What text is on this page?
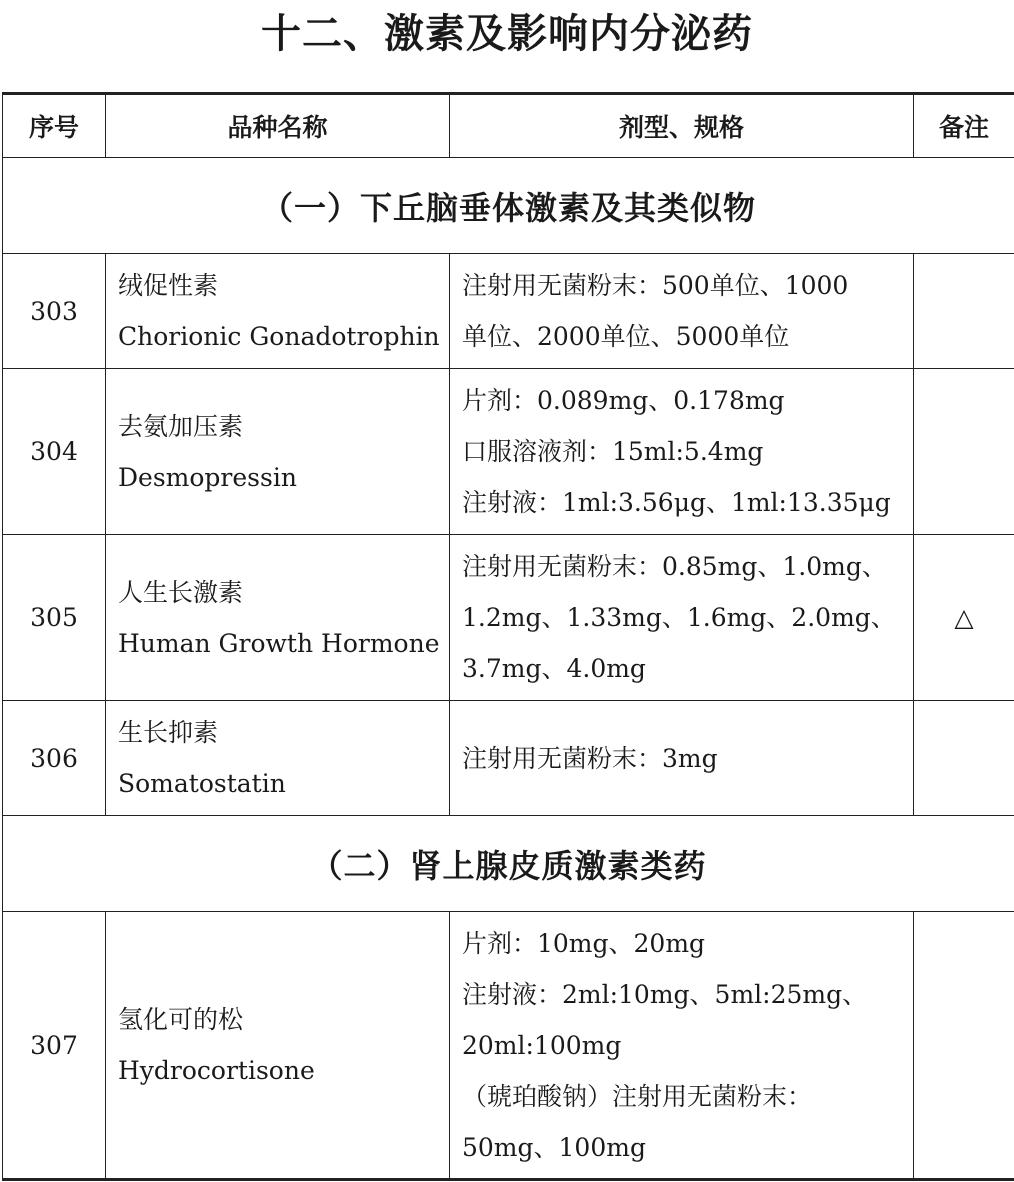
十二、激素及影响内分泌药
序号	品种名称	剂型、规格	备注
（一）下丘脑垂体激素及其类似物			
303	绒促性素
Chorionic Gonadotrophin	注射用无菌粉末：500单位、1000
单位、2000单位、5000单位	

304	去氨加压素
Desmopressin	片剂：0.089mg、0.178mg
口服溶液剂：15ml:5.4mg
注射液：1ml:3.56μg、1ml:13.35μg	

305	人生长激素
Human Growth Hormone	注射用无菌粉末：0.85mg、1.0mg、
1.2mg、1.33mg、1.6mg、2.0mg、
3.7mg、4.0mg	△
306	生长抑素
Somatostatin	注射用无菌粉末：3mg	

（二）肾上腺皮质激素类药			
307	氢化可的松
Hydrocortisone	片剂：10mg、20mg
注射液：2ml:10mg、5ml:25mg、
20ml:100mg
（琥珀酸钠）注射用无菌粉末：
50mg、100mg	
